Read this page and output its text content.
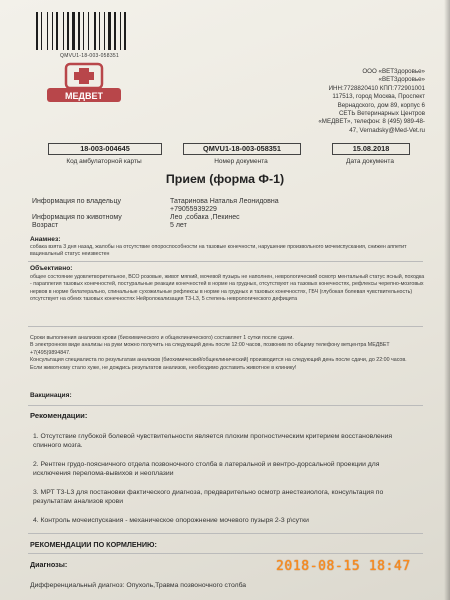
QMVU1-18-003-058351
МЕДВЕТ
ООО «ВЕТЗдоровье»
«ВЕТЗдоровье»
ИНН:7728820410 КПП:772901001
117513, город Москва, Проспект
Вернадского, дом 89, корпус 6
СЕТЬ Ветеринарных Центров
«МЕДВЕТ», телефон: 8 (495) 989-48-
47, Vernadsky@Med-Vet.ru
18-003-004645
Код амбулаторной карты
QMVU1-18-003-058351
Номер документа
15.08.2018
Дата документа
Прием (форма Ф-1)
Информация по владельцу	Татаринова Наталья Леонидовна
+79055939229
Информация по животному	Лео ,собака ,Пекинес
Возраст	5 лет
Анамнез:
собака взята 3 дня назад, жалобы на отсутствие опороспособности на тазовые конечности, нарушение произвольного мочеиспускания, снижен аппетит вацинальный статус неизвестен
Объективно:
общее состояние удовлетворительное, ВСО розовые, живот мягкий, мочевой пузырь не наполнен, неврологический осмотр ментальный статус ясный, походка - параплегия тазовых конечностей, постуральные реакции конечностей в норме на грудных, отсутствуют на тазовых конечностях, рефлексы черепно-мозговых нервов в норме билатерально, спинальные сухожильные рефлексы в норме на грудных и тазовых конечностях, ГБЧ (глубокая болевая чувствительность) отсутствует на обеих тазовых конечностях Нейролокализация Т3-L3, 5 степень неврологического дефицита
Сроки выполнения анализов крови (биохимического и общеклинического) составляет 1 сутки после сдачи.
В электронном виде анализы на руки можно получить на следующий день после 12:00 часов, позвонив по общему телефону ветцентра МЕДВЕТ +7(495)9894847.
Консультация специалиста по результатам анализов (биохимический/общеклинический) производится на следующий день после сдачи, до 22:00 часов.
Если животному стало хуже, не дождись результатов анализов, необходимо доставить животное в клинику!
Вакцинация:
Рекомендации:
1. Отсутствие глубокой болевой чувствительности является плохим прогностическим критерием восстановления спинного мозга.
2. Рентген грудо-поясничного отдела позвоночного столба в латеральной и вентро-дорсальной проекции для исключения перелома-вывихов и неоплазии
3. МРТ Т3-L3 для постановки фактического диагноза, предварительно осмотр анестезиолога, консультация по результатам анализов крови
4. Контроль мочеиспускания - механическое опорожнение мочевого пузыря 2-3 р\сутки
РЕКОМЕНДАЦИИ ПО КОРМЛЕНИЮ:
Диагнозы:
Дифференциальный диагноз: Опухоль,Травма позвоночного столба
2018-08-15 18:47
